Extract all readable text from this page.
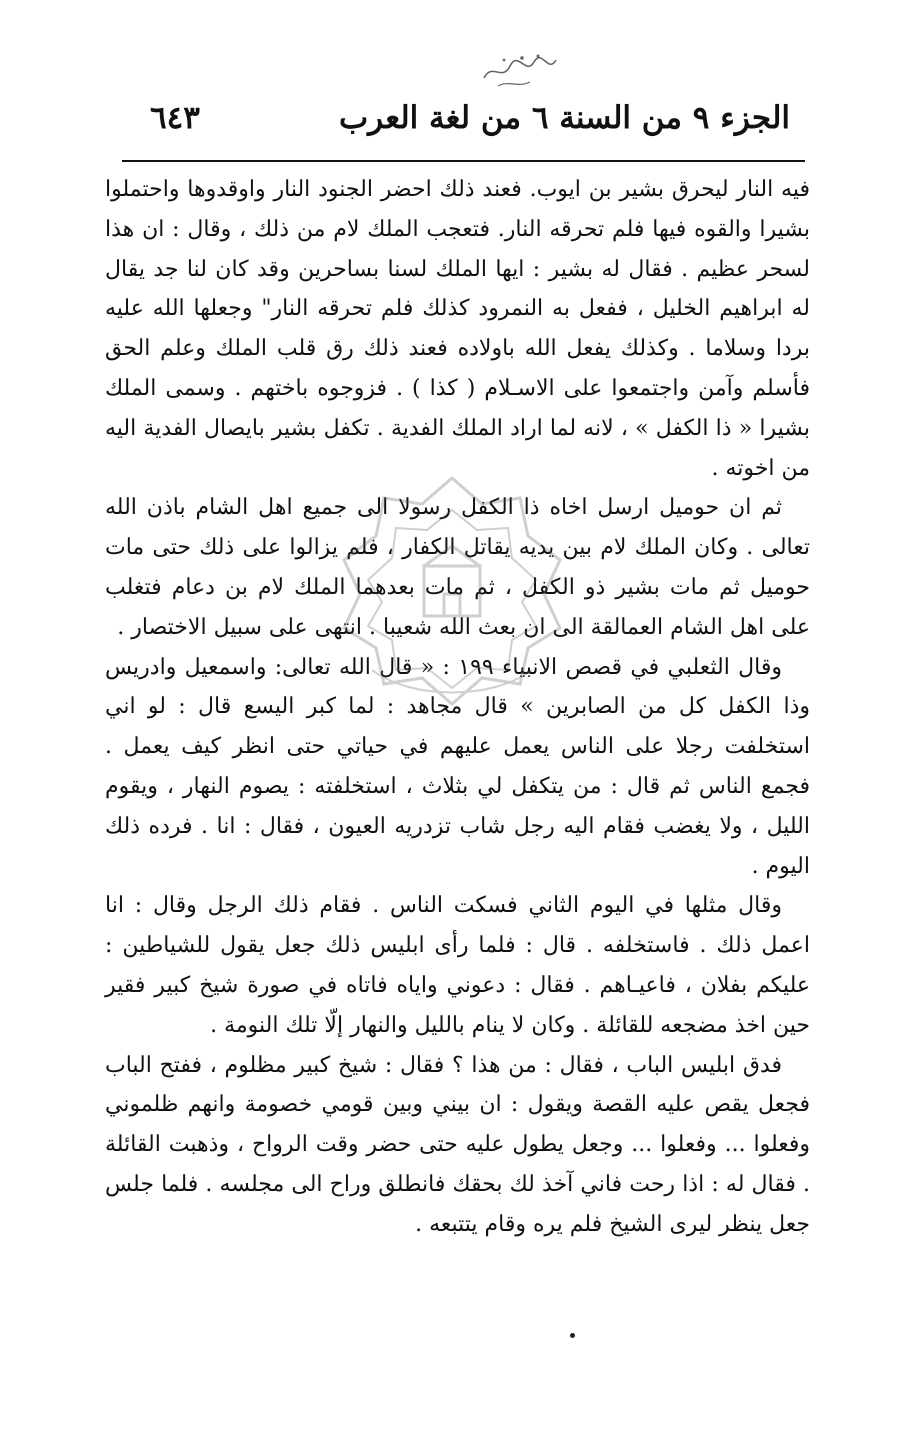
الجزء ٩ من السنة ٦ من لغة العرب
٦٤٣

فيه النار ليحرق بشير بن ايوب. فعند ذلك احضر الجنود النار واوقدوها واحتملوا بشيرا والقوه فيها فلم تحرقه النار. فتعجب الملك لام من ذلك ، وقال : ان هذا لسحر عظيم . فقال له بشير : ايها الملك لسنا بساحرين وقد كان لنا جد يقال له ابراهيم الخليل ، ففعل به النمرود كذلك فلم تحرقه النار" وجعلها الله عليه بردا وسلاما . وكذلك يفعل الله باولاده فعند ذلك رق قلب الملك وعلم الحق فأسلم وآمن واجتمعوا على الاسـلام ( كذا ) . فزوجوه باختهم . وسمى الملك بشيرا « ذا الكفل » ، لانه لما اراد الملك الفدية . تكفل بشير بايصال الفدية اليه من اخوته .

ثم ان حوميل ارسل اخاه ذا الكفل رسولا الى جميع اهل الشام باذن الله تعالى . وكان الملك لام بين يديه يقاتل الكفار ، فلم يزالوا على ذلك حتى مات حوميل ثم مات بشير ذو الكفل ، ثم مات بعدهما الملك لام بن دعام فتغلب على اهل الشام العمالقة الى ان بعث الله شعيبا . انتهى على سبيل الاختصار .

وقال الثعلبي في قصص الانبياء ١٩٩ : « قال الله تعالى: واسمعيل وادريس وذا الكفل كل من الصابرين » قال مجاهد : لما كبر اليسع قال : لو اني استخلفت رجلا على الناس يعمل عليهم في حياتي حتى انظر كيف يعمل . فجمع الناس ثم قال : من يتكفل لي بثلاث ، استخلفته : يصوم النهار ، ويقوم الليل ، ولا يغضب فقام اليه رجل شاب تزدريه العيون ، فقال : انا . فرده ذلك اليوم .

وقال مثلها في اليوم الثاني فسكت الناس . فقام ذلك الرجل وقال : انا اعمل ذلك . فاستخلفه . قال : فلما رأى ابليس ذلك جعل يقول للشياطين : عليكم بفلان ، فاعيـاهم . فقال : دعوني واياه فاتاه في صورة شيخ كبير فقير حين اخذ مضجعه للقائلة . وكان لا ينام بالليل والنهار إلّا تلك النومة .

فدق ابليس الباب ، فقال : من هذا ؟ فقال : شيخ كبير مظلوم ، ففتح الباب فجعل يقص عليه القصة ويقول : ان بيني وبين قومي خصومة وانهم ظلموني وفعلوا ... وفعلوا ... وجعل يطول عليه حتى حضر وقت الرواح ، وذهبت القائلة . فقال له : اذا رحت فاني آخذ لك بحقك فانطلق وراح الى مجلسه . فلما جلس جعل ينظر ليرى الشيخ فلم يره وقام يتتبعه .
